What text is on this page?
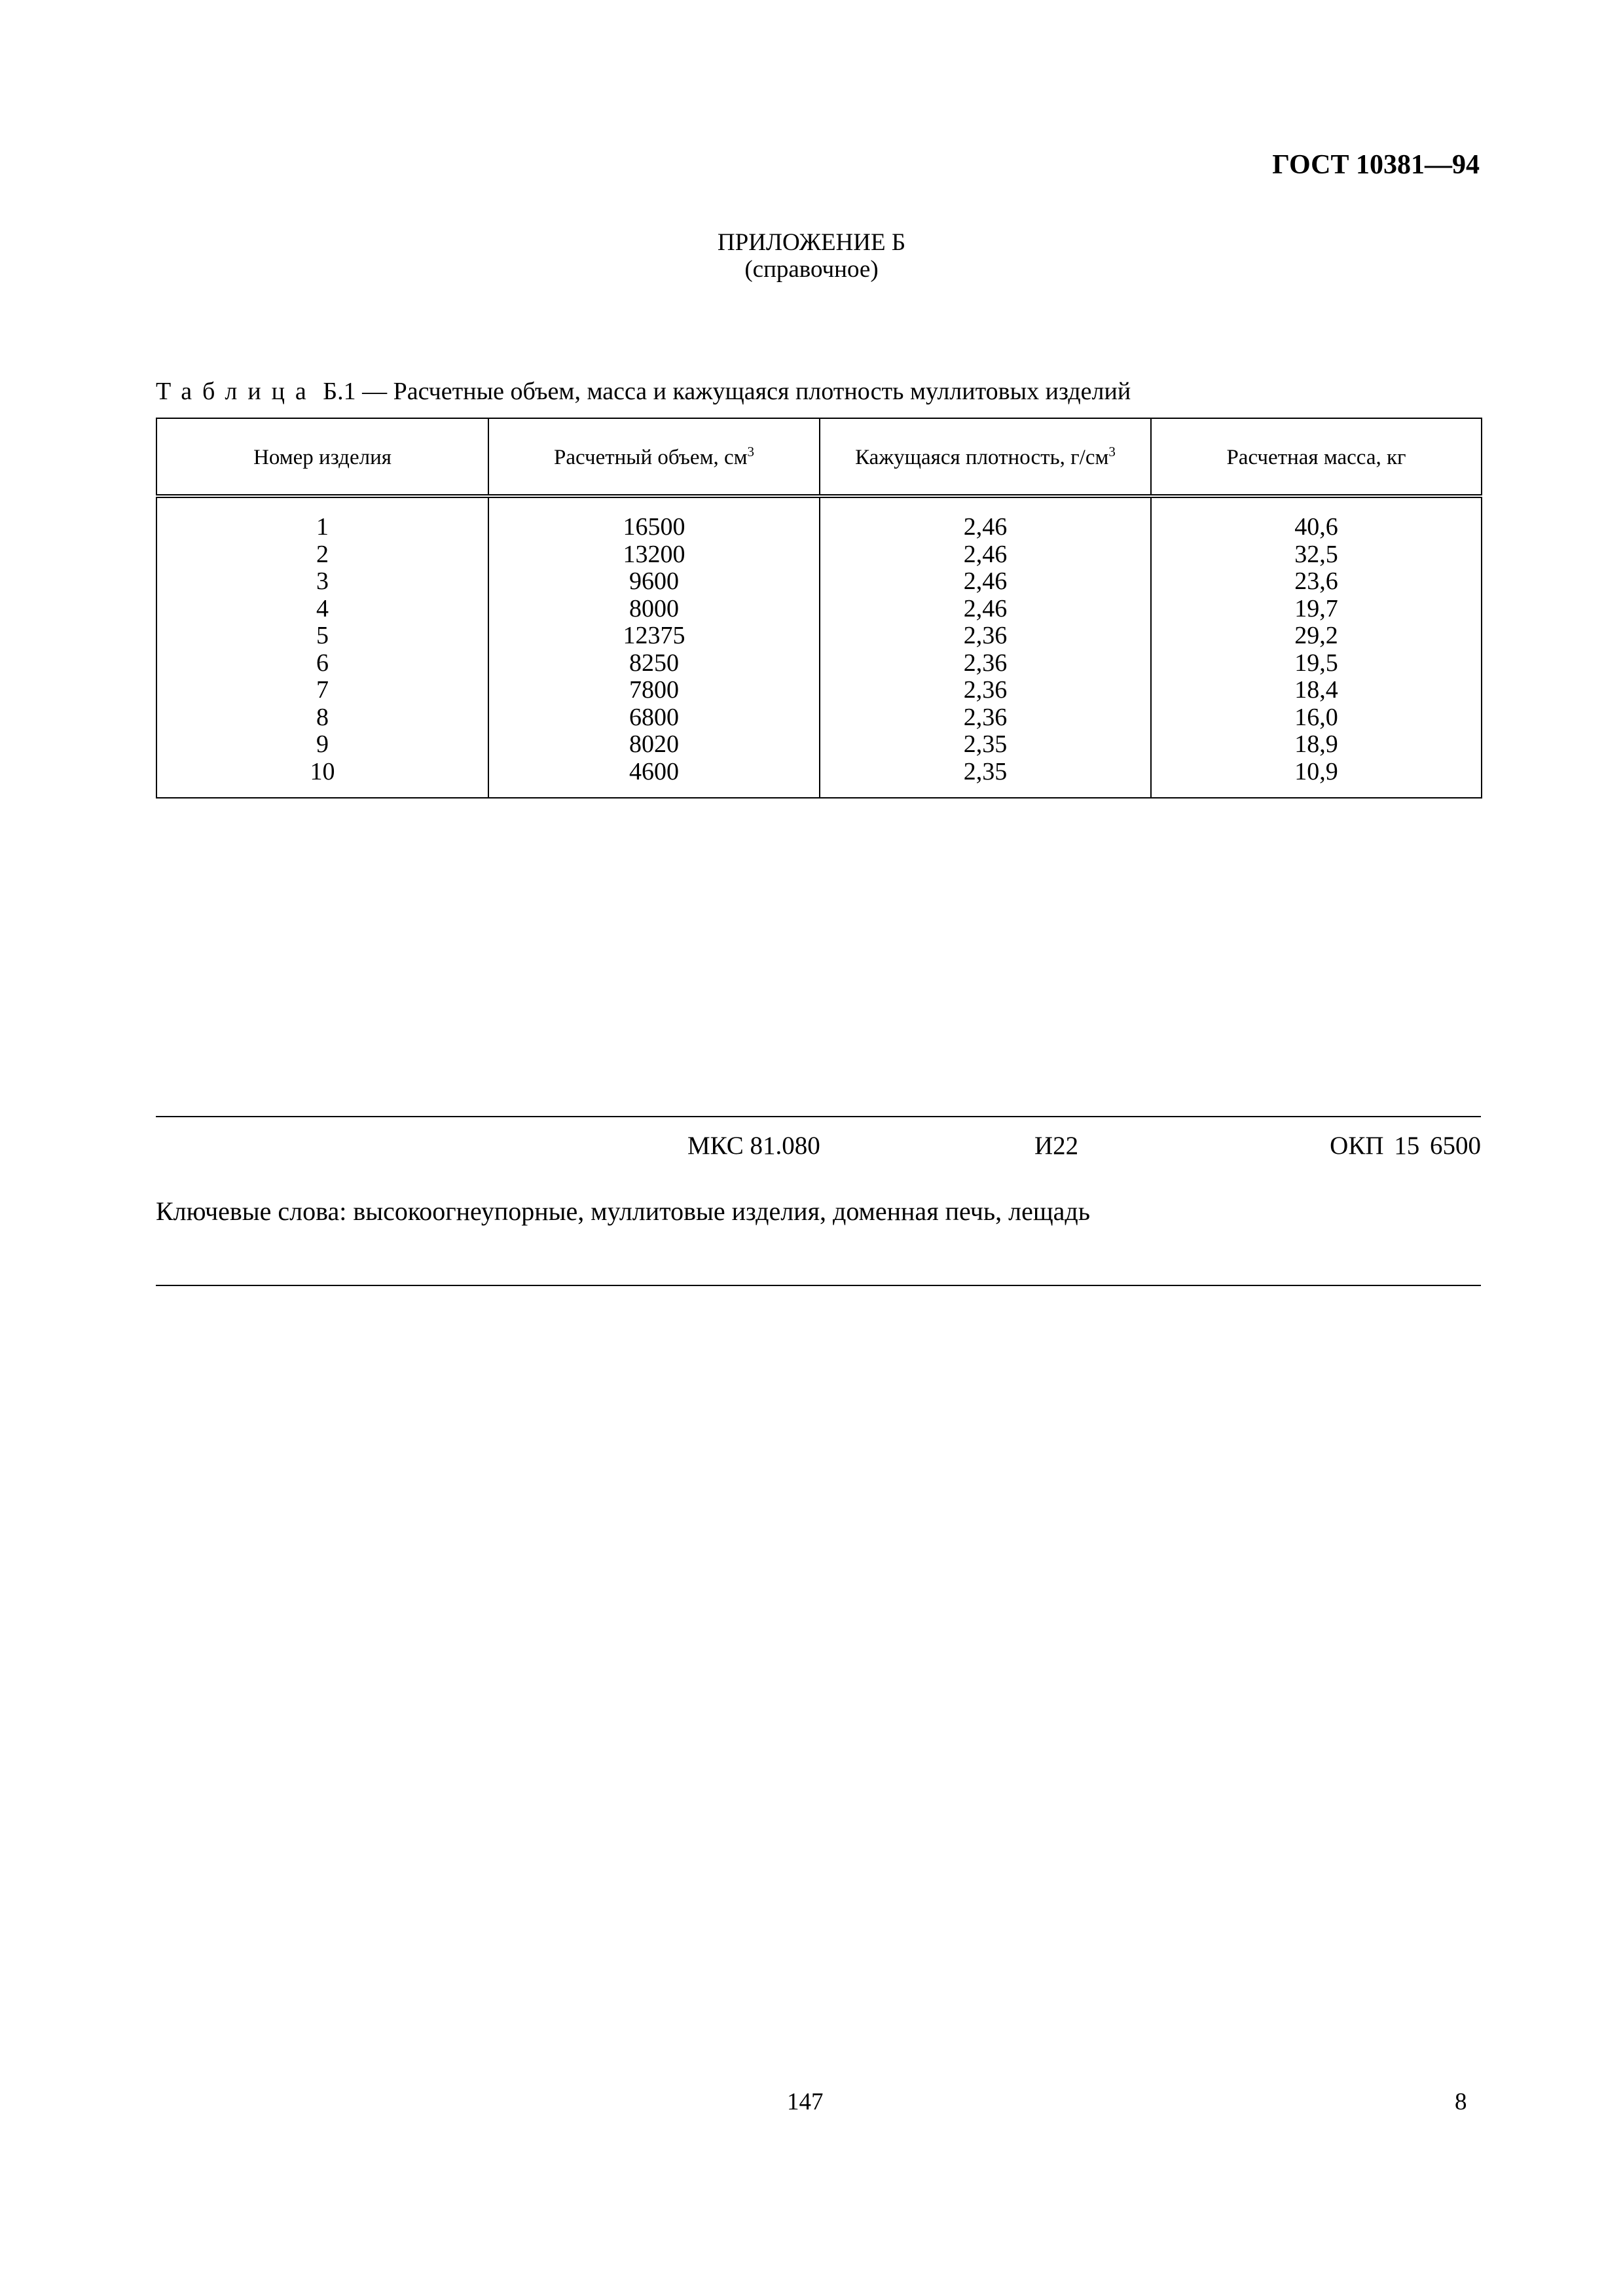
ГОСТ 10381—94
ПРИЛОЖЕНИЕ Б
(справочное)
Таблица Б.1 — Расчетные объем, масса и кажущаяся плотность муллитовых изделий
Номер изделия	Расчетный объем, $см^3$	Кажущаяся плотность, $г/см^3$	Расчетная масса, кг
1	16500	2,46	40,6
2	13200	2,46	32,5
3	9600	2,46	23,6
4	8000	2,46	19,7
5	12375	2,36	29,2
6	8250	2,36	19,5
7	7800	2,36	18,4
8	6800	2,36	16,0
9	8020	2,35	18,9
10	4600	2,35	10,9
МКС 81.080	И22	ОКП 15 6500
Ключевые слова: высокоогнеупорные, муллитовые изделия, доменная печь, лещадь
147	8
